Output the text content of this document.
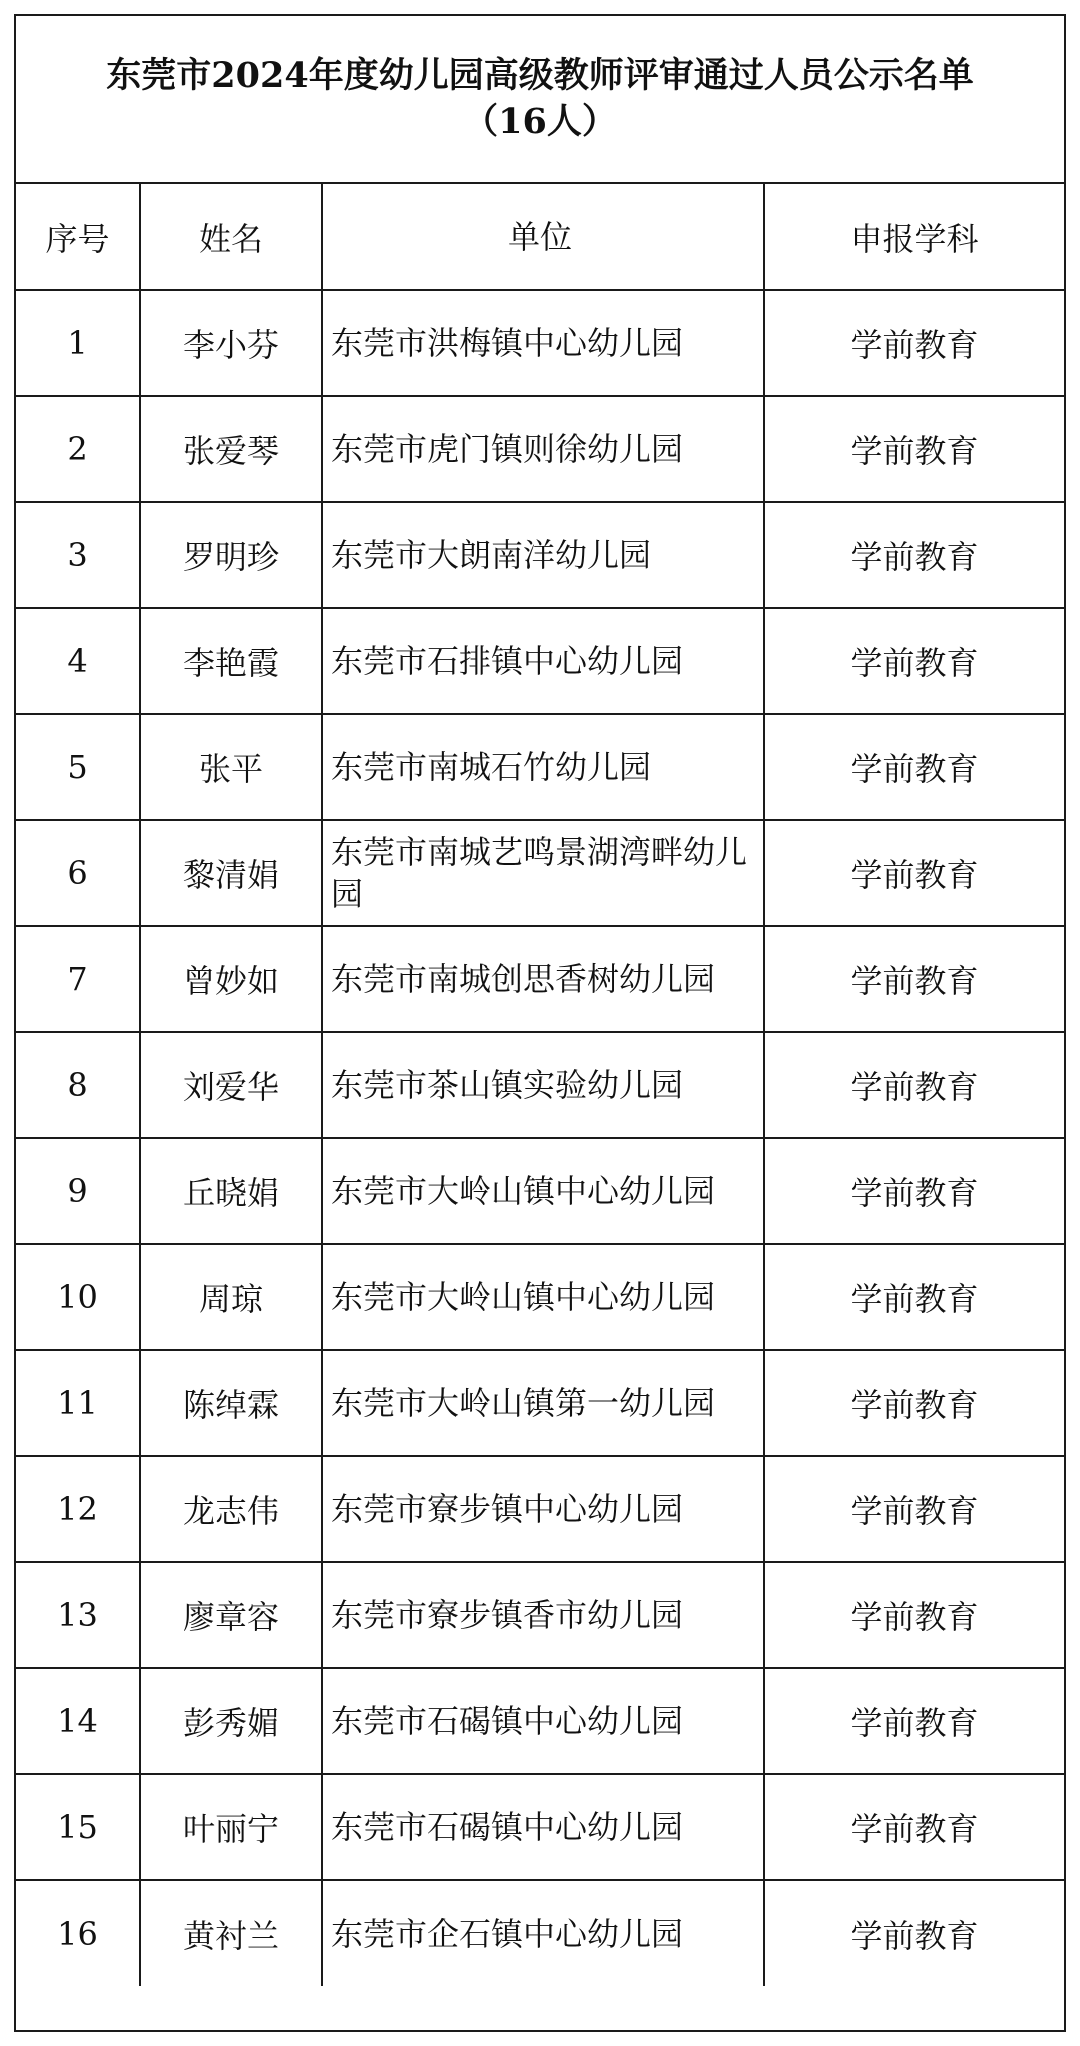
东莞市2024年度幼儿园高级教师评审通过人员公示名单
（16人）
序号	姓名	单位	申报学科
1	李小芬	东莞市洪梅镇中心幼儿园	学前教育
2	张爱琴	东莞市虎门镇则徐幼儿园	学前教育
3	罗明珍	东莞市大朗南洋幼儿园	学前教育
4	李艳霞	东莞市石排镇中心幼儿园	学前教育
5	张平	东莞市南城石竹幼儿园	学前教育
6	黎清娟	东莞市南城艺鸣景湖湾畔幼儿园	学前教育
7	曾妙如	东莞市南城创思香树幼儿园	学前教育
8	刘爱华	东莞市茶山镇实验幼儿园	学前教育
9	丘晓娟	东莞市大岭山镇中心幼儿园	学前教育
10	周琼	东莞市大岭山镇中心幼儿园	学前教育
11	陈绰霖	东莞市大岭山镇第一幼儿园	学前教育
12	龙志伟	东莞市寮步镇中心幼儿园	学前教育
13	廖章容	东莞市寮步镇香市幼儿园	学前教育
14	彭秀媚	东莞市石碣镇中心幼儿园	学前教育
15	叶丽宁	东莞市石碣镇中心幼儿园	学前教育
16	黄衬兰	东莞市企石镇中心幼儿园	学前教育
